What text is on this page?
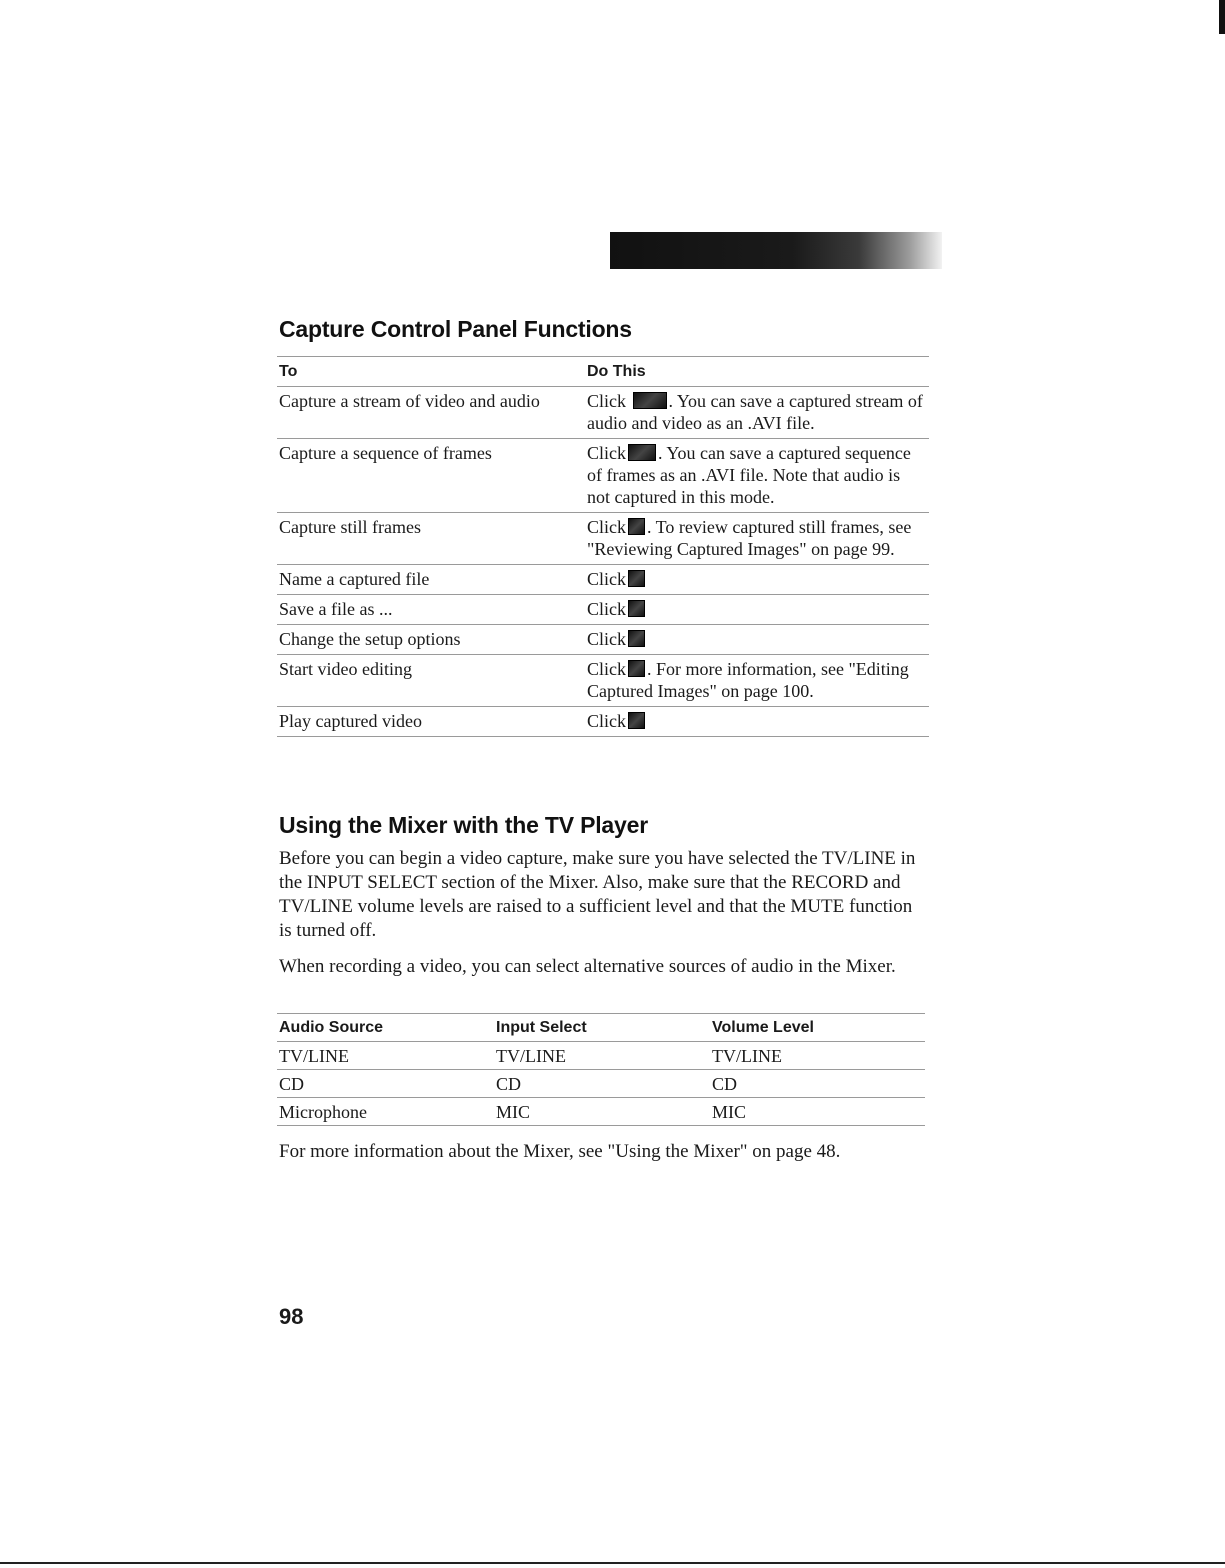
Capture Control Panel Functions
To	Do This
Capture a stream of video and audio	Click . You can save a captured stream of audio and video as an .AVI file.
Capture a sequence of frames	Click . You can save a captured sequence of frames as an .AVI file. Note that audio is not captured in this mode.
Capture still frames	Click . To review captured still frames, see "Reviewing Captured Images" on page 99.
Name a captured file	Click
Save a file as ...	Click
Change the setup options	Click
Start video editing	Click . For more information, see "Editing Captured Images" on page 100.
Play captured video	Click
Using the Mixer with the TV Player

Before you can begin a video capture, make sure you have selected the TV/LINE in the INPUT SELECT section of the Mixer. Also, make sure that the RECORD and TV/LINE volume levels are raised to a sufficient level and that the MUTE function is turned off.

When recording a video, you can select alternative sources of audio in the Mixer.

Audio Source	Input Select	Volume Level
TV/LINE	TV/LINE	TV/LINE
CD	CD	CD
Microphone	MIC	MIC

For more information about the Mixer, see "Using the Mixer" on page 48.

98
